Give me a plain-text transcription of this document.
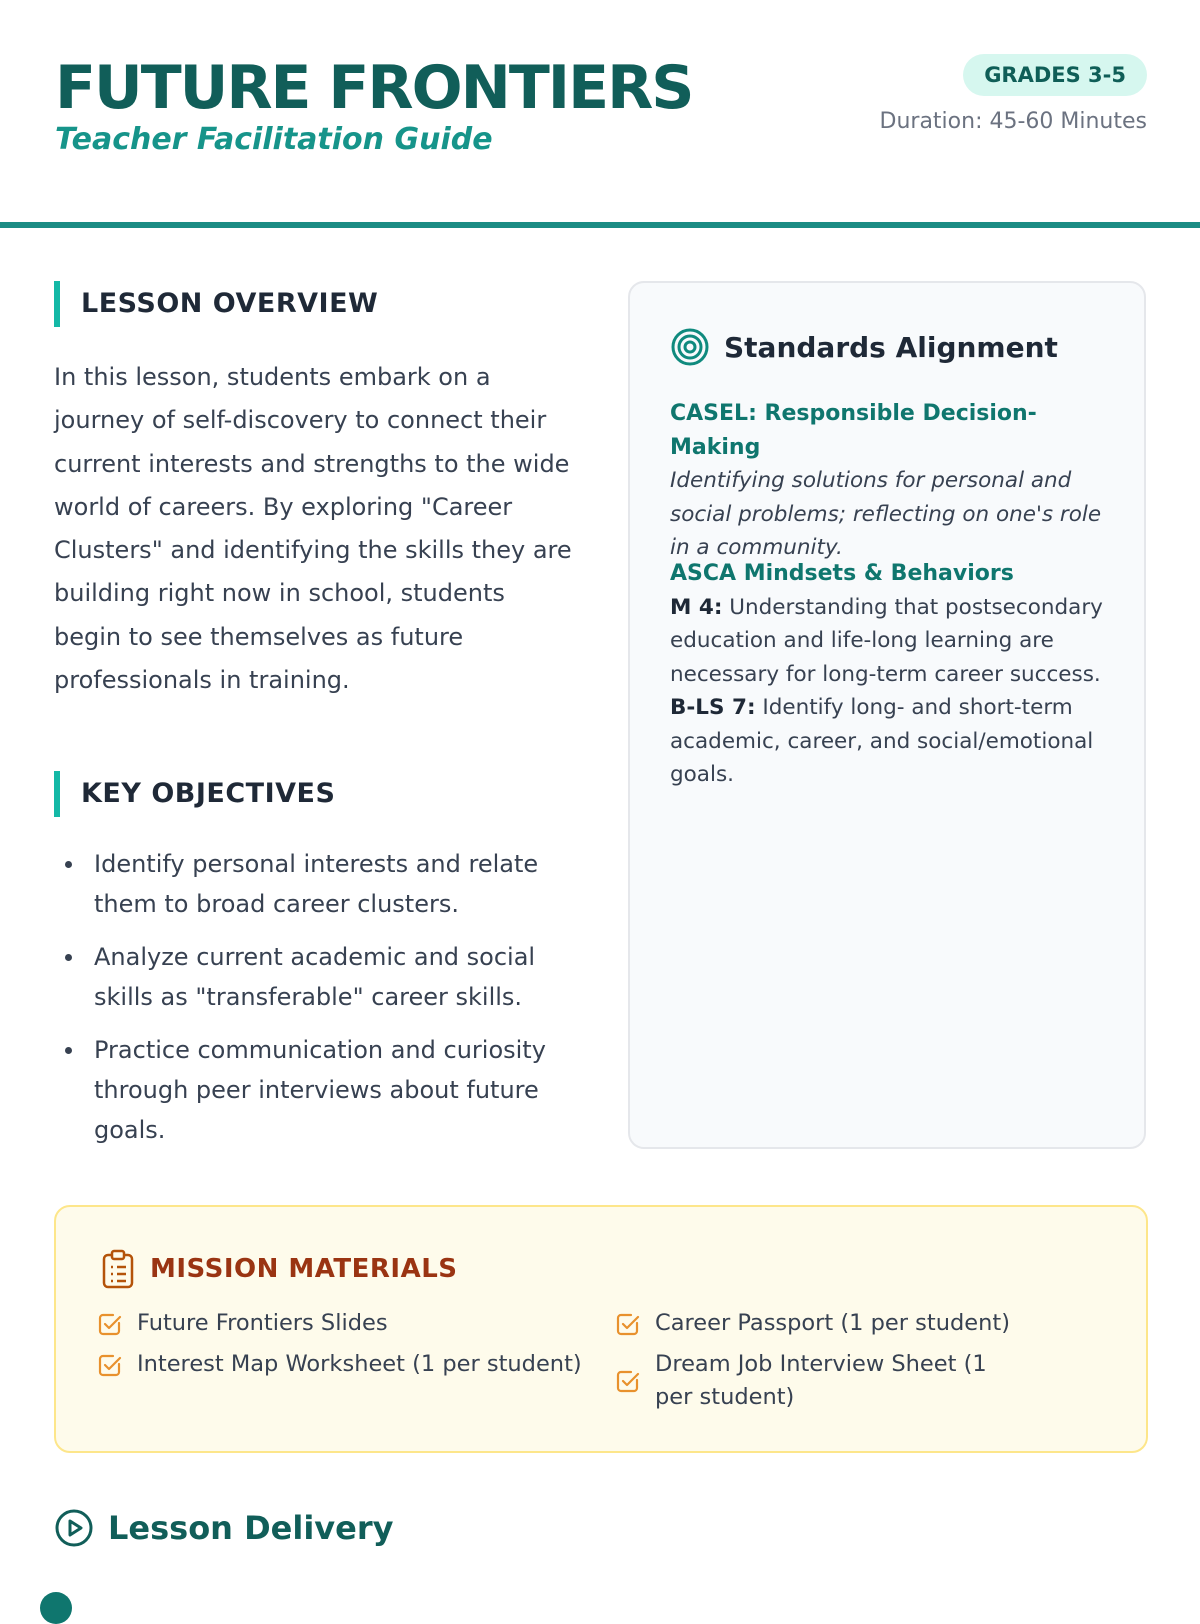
FUTURE FRONTIERS
Teacher Facilitation Guide
GRADES 3-5
Duration: 45-60 Minutes
LESSON OVERVIEW
In this lesson, students embark on a journey of self-discovery to connect their current interests and strengths to the wide world of careers. By exploring "Career Clusters" and identifying the skills they are building right now in school, students begin to see themselves as future professionals in training.
KEY OBJECTIVES
Identify personal interests and relate them to broad career clusters.
Analyze current academic and social skills as "transferable" career skills.
Practice communication and curiosity through peer interviews about future goals.
Standards Alignment
CASEL: Responsible Decision-Making
Identifying solutions for personal and social problems; reflecting on one's role in a community.
ASCA Mindsets & Behaviors
M 4: Understanding that postsecondary education and life-long learning are necessary for long-term career success.
B-LS 7: Identify long- and short-term academic, career, and social/emotional goals.
MISSION MATERIALS
Future Frontiers Slides
Interest Map Worksheet (1 per student)
Career Passport (1 per student)
Dream Job Interview Sheet (1 per student)
Lesson Delivery
